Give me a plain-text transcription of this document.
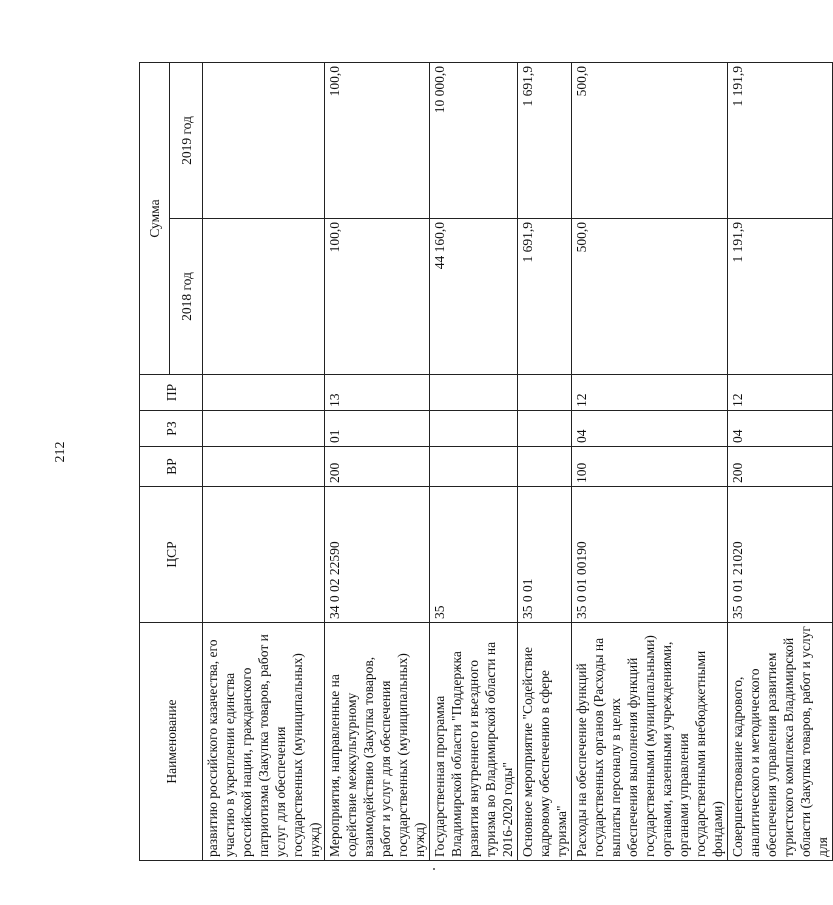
212
Наименование	ЦСР	ВР	РЗ	ПР	Сумма	
					2018 год	2019 год
развитию российского казачества, его участию в укреплении единства российской нации, гражданского патриотизма (Закупка товаров, работ и услуг для обеспечения государственных (муниципальных) нужд)						
Мероприятия, направленные на содействие межкультурному взаимодействию (Закупка товаров, работ и услуг для обеспечения государственных (муниципальных) нужд)	34 0 02 22590	200	01	13	100,0	100,0
Государственная программа Владимирской области "Поддержка развития внутреннего и въездного туризма во Владимирской области на 2016-2020 годы"	35				44 160,0	10 000,0
Основное мероприятие "Содействие кадровому обеспечению в сфере туризма"	35 0 01				1 691,9	1 691,9
Расходы на обеспечение функций государственных органов (Расходы на выплаты персоналу в целях обеспечения выполнения функций государственными (муниципальными) органами, казенными учреждениями, органами управления государственными внебюджетными фондами)	35 0 01 00190	100	04	12	500,0	500,0
Совершенствование кадрового, аналитического и методического обеспечения управления развитием туристского комплекса Владимирской области (Закупка товаров, работ и услуг для	35 0 01 21020	200	04	12	1 191,9	1 191,9
